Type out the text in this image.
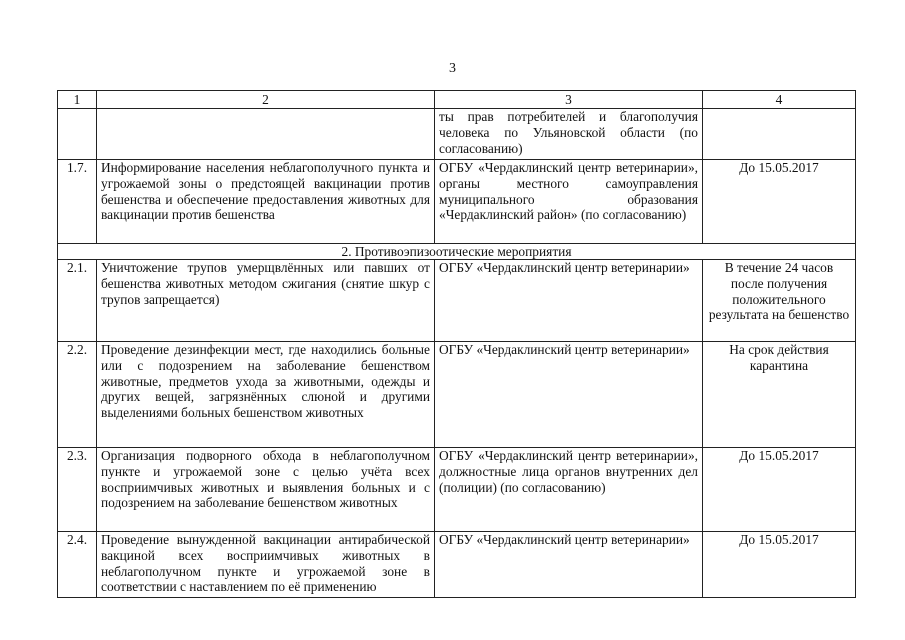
3
1	2	3	4
		ты прав потребителей и благополучия человека по Ульяновской области (по согласованию)	
1.7.	Информирование населения неблагополучного пункта и угрожаемой зоны о предстоящей вакцинации против бешенства и обеспечение предоставления животных для вакцинации против бешенства	ОГБУ «Чердаклинский центр ветеринарии», органы местного самоуправления муниципального образования «Чердаклинский район» (по согласованию)	До 15.05.2017
2. Противоэпизоотические мероприятия			
2.1.	Уничтожение трупов умерщвлённых или павших от бешенства животных методом сжигания (снятие шкур с трупов запрещается)	ОГБУ «Чердаклинский центр ветеринарии»	В течение 24 часов после получения положительного результата на бешенство
2.2.	Проведение дезинфекции мест, где находились больные или с подозрением на заболевание бешенством животные, предметов ухода за животными, одежды и других вещей, загрязнённых слюной и другими выделениями больных бешенством животных	ОГБУ «Чердаклинский центр ветеринарии»	На срок действия карантина
2.3.	Организация подворного обхода в неблагополучном пункте и угрожаемой зоне с целью учёта всех восприимчивых животных и выявления больных и с подозрением на заболевание бешенством животных	ОГБУ «Чердаклинский центр ветеринарии», должностные лица органов внутренних дел (полиции) (по согласованию)	До 15.05.2017
2.4.	Проведение вынужденной вакцинации антирабической вакциной всех восприимчивых животных в неблагополучном пункте и угрожаемой зоне в соответствии с наставлением по её применению	ОГБУ «Чердаклинский центр ветеринарии»	До 15.05.2017
